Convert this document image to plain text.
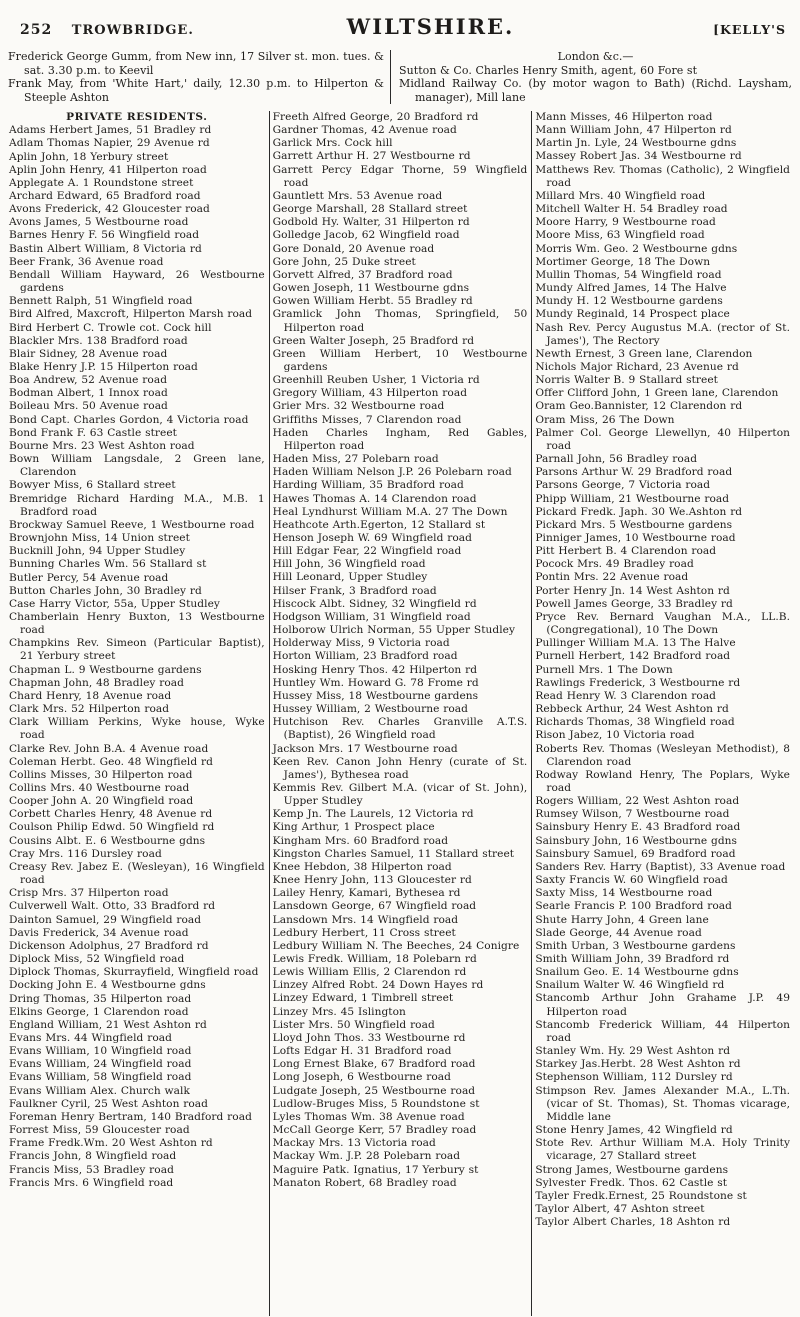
252 TROWBRIDGE.	WILTSHIRE.	[KELLY'S

Frederick George Gumm, from New inn, 17 Silver st. mon. tues. & sat. 3.30 p.m. to Keevil

Frank May, from 'White Hart,' daily, 12.30 p.m. to Hilperton & Steeple Ashton

London &c.—

Sutton & Co. Charles Henry Smith, agent, 60 Fore st

Midland Railway Co. (by motor wagon to Bath) (Richd. Laysham, manager), Mill lane

PRIVATE RESIDENTS.

Adams Herbert James, 51 Bradley rd

Adlam Thomas Napier, 29 Avenue rd

Aplin John, 18 Yerbury street

Aplin John Henry, 41 Hilperton road

Applegate A. 1 Roundstone street

Archard Edward, 65 Bradford road

Avons Frederick, 42 Gloucester road

Avons James, 5 Westbourne road

Barnes Henry F. 56 Wingfield road

Bastin Albert William, 8 Victoria rd

Beer Frank, 36 Avenue road

Bendall William Hayward, 26 Westbourne gardens

Bennett Ralph, 51 Wingfield road

Bird Alfred, Maxcroft, Hilperton Marsh road

Bird Herbert C. Trowle cot. Cock hill

Blackler Mrs. 138 Bradford road

Blair Sidney, 28 Avenue road

Blake Henry J.P. 15 Hilperton road

Boa Andrew, 52 Avenue road

Bodman Albert, 1 Innox road

Boileau Mrs. 50 Avenue road

Bond Capt. Charles Gordon, 4 Victoria road

Bond Frank F. 63 Castle street

Bourne Mrs. 23 West Ashton road

Bown William Langsdale, 2 Green lane, Clarendon

Bowyer Miss, 6 Stallard street

Bremridge Richard Harding M.A., M.B. 1 Bradford road

Brockway Samuel Reeve, 1 Westbourne road

Brownjohn Miss, 14 Union street

Bucknill John, 94 Upper Studley

Bunning Charles Wm. 56 Stallard st

Butler Percy, 54 Avenue road

Button Charles John, 30 Bradley rd

Case Harry Victor, 55a, Upper Studley

Chamberlain Henry Buxton, 13 Westbourne road

Champkins Rev. Simeon (Particular Baptist), 21 Yerbury street

Chapman L. 9 Westbourne gardens

Chapman John, 48 Bradley road

Chard Henry, 18 Avenue road

Clark Mrs. 52 Hilperton road

Clark William Perkins, Wyke house, Wyke road

Clarke Rev. John B.A. 4 Avenue road

Coleman Herbt. Geo. 48 Wingfield rd

Collins Misses, 30 Hilperton road

Collins Mrs. 40 Westbourne road

Cooper John A. 20 Wingfield road

Corbett Charles Henry, 48 Avenue rd

Coulson Philip Edwd. 50 Wingfield rd

Cousins Albt. E. 6 Westbourne gdns

Cray Mrs. 116 Dursley road

Creasy Rev. Jabez E. (Wesleyan), 16 Wingfield road

Crisp Mrs. 37 Hilperton road

Culverwell Walt. Otto, 33 Bradford rd

Dainton Samuel, 29 Wingfield road

Davis Frederick, 34 Avenue road

Dickenson Adolphus, 27 Bradford rd

Diplock Miss, 52 Wingfield road

Diplock Thomas, Skurrayfield, Wingfield road

Docking John E. 4 Westbourne gdns

Dring Thomas, 35 Hilperton road

Elkins George, 1 Clarendon road

England William, 21 West Ashton rd

Evans Mrs. 44 Wingfield road

Evans William, 10 Wingfield road

Evans William, 24 Wingfield road

Evans William, 58 Wingfield road

Evans William Alex. Church walk

Faulkner Cyril, 25 West Ashton road

Foreman Henry Bertram, 140 Bradford road

Forrest Miss, 59 Gloucester road

Frame Fredk.Wm. 20 West Ashton rd

Francis John, 8 Wingfield road

Francis Miss, 53 Bradley road

Francis Mrs. 6 Wingfield road

Freeth Alfred George, 20 Bradford rd

Gardner Thomas, 42 Avenue road

Garlick Mrs. Cock hill

Garrett Arthur H. 27 Westbourne rd

Garrett Percy Edgar Thorne, 59 Wingfield road

Gauntlett Mrs. 53 Avenue road

George Marshall, 28 Stallard street

Godbold Hy. Walter, 31 Hilperton rd

Golledge Jacob, 62 Wingfield road

Gore Donald, 20 Avenue road

Gore John, 25 Duke street

Gorvett Alfred, 37 Bradford road

Gowen Joseph, 11 Westbourne gdns

Gowen William Herbt. 55 Bradley rd

Gramlick John Thomas, Springfield, 50 Hilperton road

Green Walter Joseph, 25 Bradford rd

Green William Herbert, 10 Westbourne gardens

Greenhill Reuben Usher, 1 Victoria rd

Gregory William, 43 Hilperton road

Grier Mrs. 32 Westbourne road

Griffiths Misses, 7 Clarendon road

Haden Charles Ingham, Red Gables, Hilperton road

Haden Miss, 27 Polebarn road

Haden William Nelson J.P. 26 Polebarn road

Harding William, 35 Bradford road

Hawes Thomas A. 14 Clarendon road

Heal Lyndhurst William M.A. 27 The Down

Heathcote Arth.Egerton, 12 Stallard st

Henson Joseph W. 69 Wingfield road

Hill Edgar Fear, 22 Wingfield road

Hill John, 36 Wingfield road

Hill Leonard, Upper Studley

Hilser Frank, 3 Bradford road

Hiscock Albt. Sidney, 32 Wingfield rd

Hodgson William, 31 Wingfield road

Holborow Ulrich Norman, 55 Upper Studley

Holderway Miss, 9 Victoria road

Horton William, 23 Bradford road

Hosking Henry Thos. 42 Hilperton rd

Huntley Wm. Howard G. 78 Frome rd

Hussey Miss, 18 Westbourne gardens

Hussey William, 2 Westbourne road

Hutchison Rev. Charles Granville A.T.S. (Baptist), 26 Wingfield road

Jackson Mrs. 17 Westbourne road

Keen Rev. Canon John Henry (curate of St. James'), Bythesea road

Kemmis Rev. Gilbert M.A. (vicar of St. John), Upper Studley

Kemp Jn. The Laurels, 12 Victoria rd

King Arthur, 1 Prospect place

Kingham Mrs. 60 Bradford road

Kingston Charles Samuel, 11 Stallard street

Knee Hebdon, 38 Hilperton road

Knee Henry John, 113 Gloucester rd

Lailey Henry, Kamari, Bythesea rd

Lansdown George, 67 Wingfield road

Lansdown Mrs. 14 Wingfield road

Ledbury Herbert, 11 Cross street

Ledbury William N. The Beeches, 24 Conigre

Lewis Fredk. William, 18 Polebarn rd

Lewis William Ellis, 2 Clarendon rd

Linzey Alfred Robt. 24 Down Hayes rd

Linzey Edward, 1 Timbrell street

Linzey Mrs. 45 Islington

Lister Mrs. 50 Wingfield road

Lloyd John Thos. 33 Westbourne rd

Lofts Edgar H. 31 Bradford road

Long Ernest Blake, 67 Bradford road

Long Joseph, 6 Westbourne road

Ludgate Joseph, 25 Westbourne road

Ludlow-Bruges Miss, 5 Roundstone st

Lyles Thomas Wm. 38 Avenue road

McCall George Kerr, 57 Bradley road

Mackay Mrs. 13 Victoria road

Mackay Wm. J.P. 28 Polebarn road

Maguire Patk. Ignatius, 17 Yerbury st

Manaton Robert, 68 Bradley road

Mann Misses, 46 Hilperton road

Mann William John, 47 Hilperton rd

Martin Jn. Lyle, 24 Westbourne gdns

Massey Robert Jas. 34 Westbourne rd

Matthews Rev. Thomas (Catholic), 2 Wingfield road

Millard Mrs. 40 Wingfield road

Mitchell Walter H. 54 Bradley road

Moore Harry, 9 Westbourne road

Moore Miss, 63 Wingfield road

Morris Wm. Geo. 2 Westbourne gdns

Mortimer George, 18 The Down

Mullin Thomas, 54 Wingfield road

Mundy Alfred James, 14 The Halve

Mundy H. 12 Westbourne gardens

Mundy Reginald, 14 Prospect place

Nash Rev. Percy Augustus M.A. (rector of St. James'), The Rectory

Newth Ernest, 3 Green lane, Clarendon

Nichols Major Richard, 23 Avenue rd

Norris Walter B. 9 Stallard street

Offer Clifford John, 1 Green lane, Clarendon

Oram Geo.Bannister, 12 Clarendon rd

Oram Miss, 26 The Down

Palmer Col. George Llewellyn, 40 Hilperton road

Parnall John, 56 Bradley road

Parsons Arthur W. 29 Bradford road

Parsons George, 7 Victoria road

Phipp William, 21 Westbourne road

Pickard Fredk. Japh. 30 We.Ashton rd

Pickard Mrs. 5 Westbourne gardens

Pinniger James, 10 Westbourne road

Pitt Herbert B. 4 Clarendon road

Pocock Mrs. 49 Bradley road

Pontin Mrs. 22 Avenue road

Porter Henry Jn. 14 West Ashton rd

Powell James George, 33 Bradley rd

Pryce Rev. Bernard Vaughan M.A., LL.B. (Congregational), 10 The Down

Pullinger William M.A. 13 The Halve

Purnell Herbert, 142 Bradford road

Purnell Mrs. 1 The Down

Rawlings Frederick, 3 Westbourne rd

Read Henry W. 3 Clarendon road

Rebbeck Arthur, 24 West Ashton rd

Richards Thomas, 38 Wingfield road

Rison Jabez, 10 Victoria road

Roberts Rev. Thomas (Wesleyan Methodist), 8 Clarendon road

Rodway Rowland Henry, The Poplars, Wyke road

Rogers William, 22 West Ashton road

Rumsey Wilson, 7 Westbourne road

Sainsbury Henry E. 43 Bradford road

Sainsbury John, 16 Westbourne gdns

Sainsbury Samuel, 69 Bradford road

Sanders Rev. Harry (Baptist), 33 Avenue road

Saxty Francis W. 60 Wingfield road

Saxty Miss, 14 Westbourne road

Searle Francis P. 100 Bradford road

Shute Harry John, 4 Green lane

Slade George, 44 Avenue road

Smith Urban, 3 Westbourne gardens

Smith William John, 39 Bradford rd

Snailum Geo. E. 14 Westbourne gdns

Snailum Walter W. 46 Wingfield rd

Stancomb Arthur John Grahame J.P. 49 Hilperton road

Stancomb Frederick William, 44 Hilperton road

Stanley Wm. Hy. 29 West Ashton rd

Starkey Jas.Herbt. 28 West Ashton rd

Stephenson William, 112 Dursley rd

Stimpson Rev. James Alexander M.A., L.Th. (vicar of St. Thomas), St. Thomas vicarage, Middle lane

Stone Henry James, 42 Wingfield rd

Stote Rev. Arthur William M.A. Holy Trinity vicarage, 27 Stallard street

Strong James, Westbourne gardens

Sylvester Fredk. Thos. 62 Castle st

Tayler Fredk.Ernest, 25 Roundstone st

Taylor Albert, 47 Ashton street

Taylor Albert Charles, 18 Ashton rd
